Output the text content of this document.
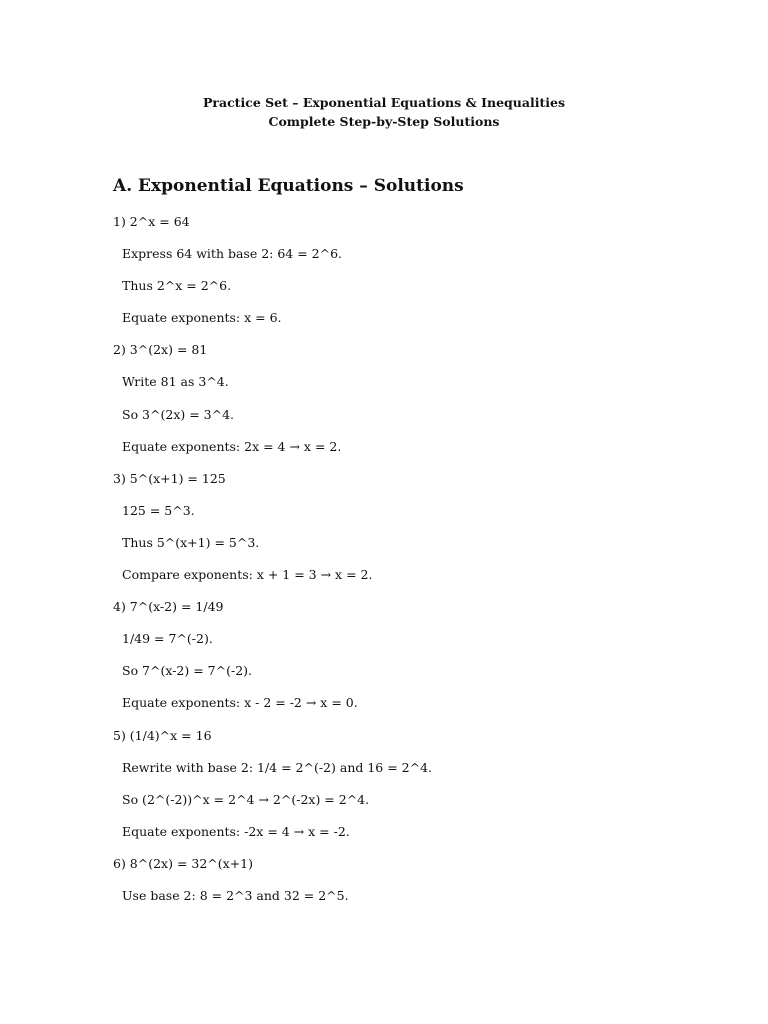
Practice Set – Exponential Equations & Inequalities
Complete Step-by-Step Solutions
A. Exponential Equations – Solutions
1) 2^x = 64
Express 64 with base 2: 64 = 2^6.
Thus 2^x = 2^6.
Equate exponents: x = 6.
2) 3^(2x) = 81
Write 81 as 3^4.
So 3^(2x) = 3^4.
Equate exponents: 2x = 4 → x = 2.
3) 5^(x+1) = 125
125 = 5^3.
Thus 5^(x+1) = 5^3.
Compare exponents: x + 1 = 3 → x = 2.
4) 7^(x-2) = 1/49
1/49 = 7^(-2).
So 7^(x-2) = 7^(-2).
Equate exponents: x - 2 = -2 → x = 0.
5) (1/4)^x = 16
Rewrite with base 2: 1/4 = 2^(-2) and 16 = 2^4.
So (2^(-2))^x = 2^4 → 2^(-2x) = 2^4.
Equate exponents: -2x = 4 → x = -2.
6) 8^(2x) = 32^(x+1)
Use base 2: 8 = 2^3 and 32 = 2^5.
